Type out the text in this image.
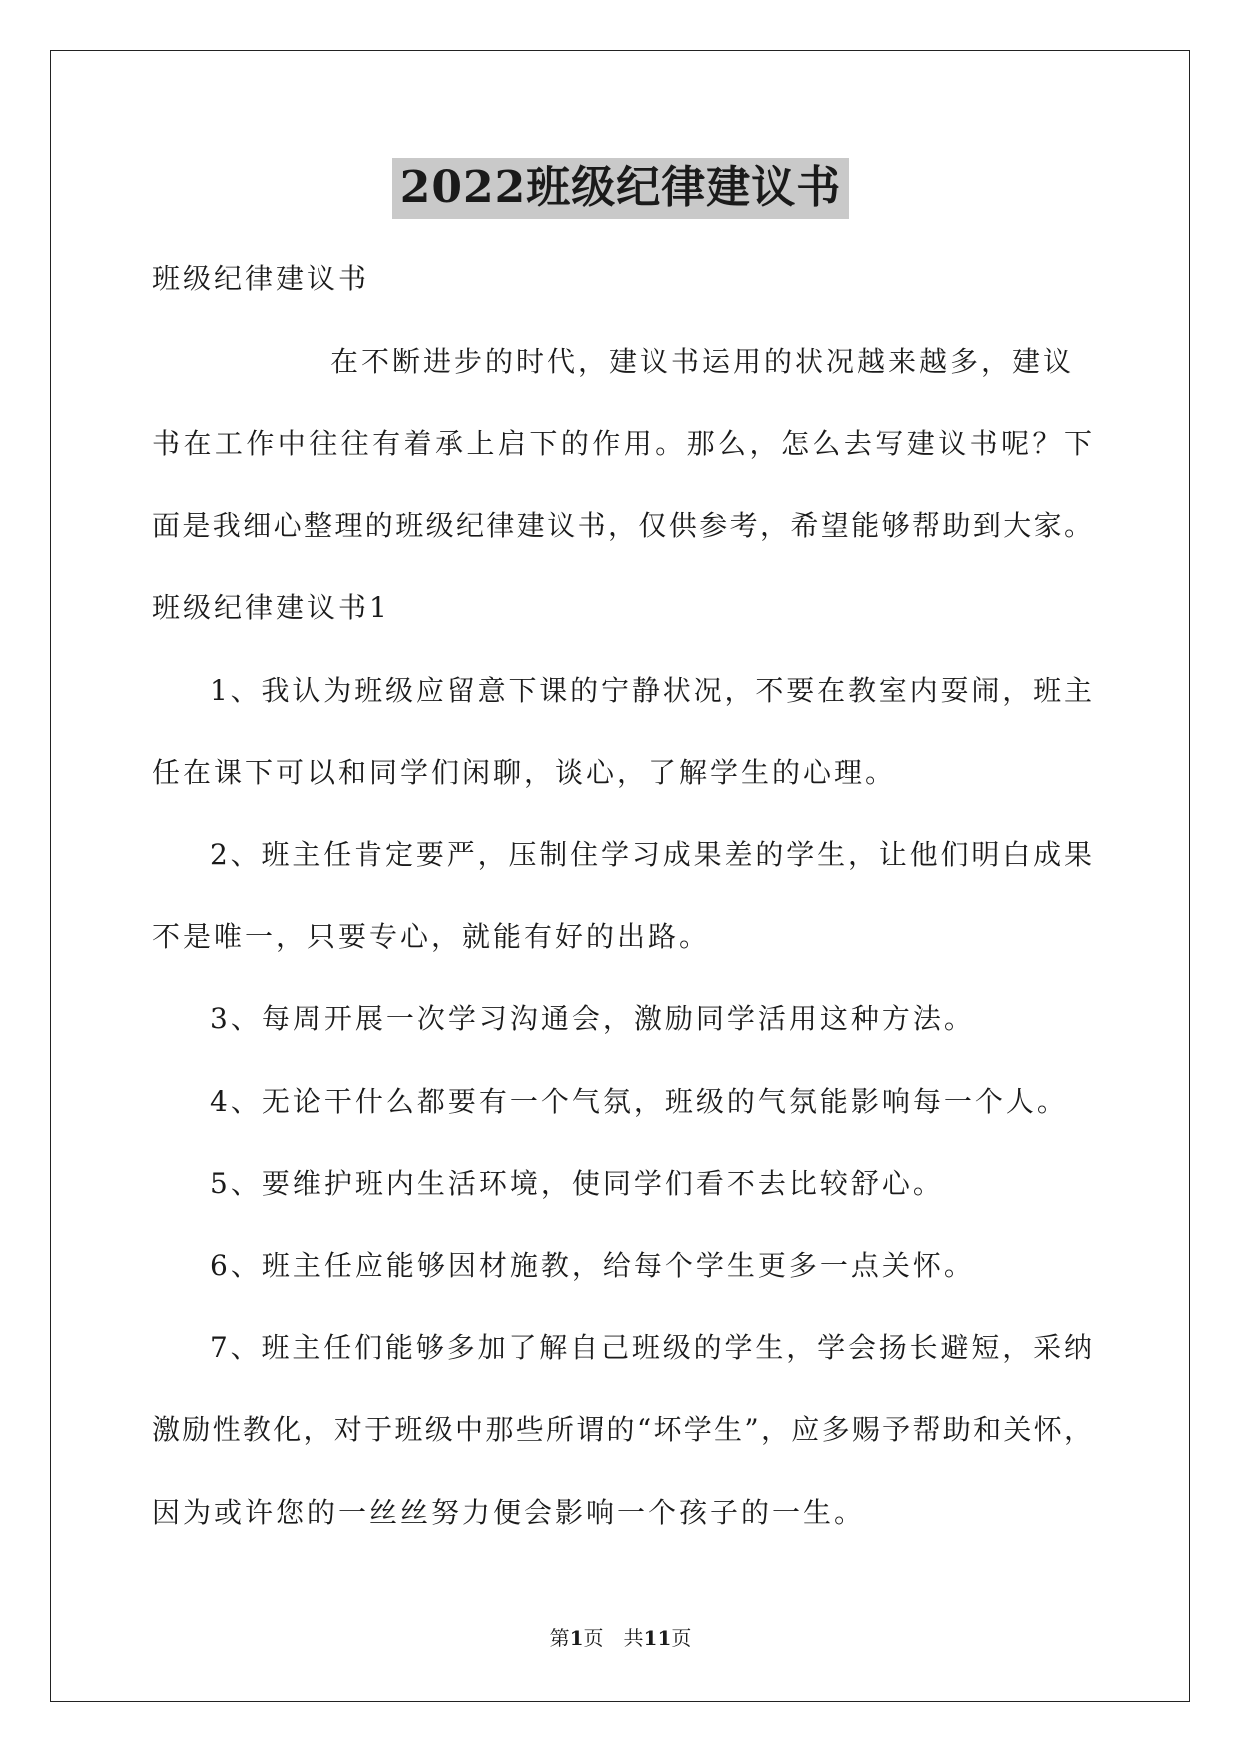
2022班级纪律建议书
班级纪律建议书
在不断进步的时代，建议书运用的状况越来越多，建议
书在工作中往往有着承上启下的作用。那么，怎么去写建议书呢？下
面是我细心整理的班级纪律建议书，仅供参考，希望能够帮助到大家。
班级纪律建议书1
1、我认为班级应留意下课的宁静状况，不要在教室内耍闹，班主
任在课下可以和同学们闲聊，谈心，了解学生的心理。
2、班主任肯定要严，压制住学习成果差的学生，让他们明白成果
不是唯一，只要专心，就能有好的出路。
3、每周开展一次学习沟通会，激励同学活用这种方法。
4、无论干什么都要有一个气氛，班级的气氛能影响每一个人。
5、要维护班内生活环境，使同学们看不去比较舒心。
6、班主任应能够因材施教，给每个学生更多一点关怀。
7、班主任们能够多加了解自己班级的学生，学会扬长避短，采纳
激励性教化，对于班级中那些所谓的“坏学生”，应多赐予帮助和关怀，
因为或许您的一丝丝努力便会影响一个孩子的一生。
第1页 共11页
